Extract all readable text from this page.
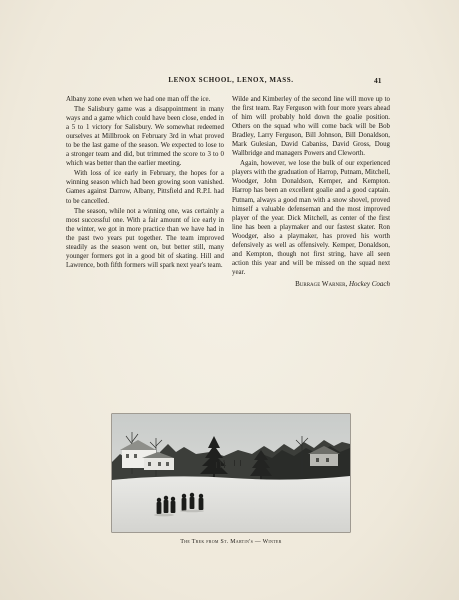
LENOX SCHOOL, LENOX, MASS.	41

Albany zone even when we had one man off the ice.

The Salisbury game was a disappointment in many ways and a game which could have been close, ended in a 5 to 1 victory for Salisbury. We somewhat redeemed ourselves at Millbrook on February 3rd in what proved to be the last game of the season. We expected to lose to a stronger team and did, but trimmed the score to 3 to 0 which was better than the earlier meeting.

With loss of ice early in February, the hopes for a winning season which had been growing soon vanished. Games against Darrow, Albany, Pittsfield and R.P.I. had to be cancelled.

The season, while not a winning one, was certainly a most successful one. With a fair amount of ice early in the winter, we got in more practice than we have had in the past two years put together. The team improved steadily as the season went on, but better still, many younger formers got in a good bit of skating. Hill and Lawrence, both fifth formers will spark next year's team.

Wilde and Kimberley of the second line will move up to the first team. Ray Ferguson with four more years ahead of him will probably hold down the goalie position. Others on the squad who will come back will be Bob Bradley, Larry Ferguson, Bill Johnson, Bill Donaldson, Mark Gulesian, David Cabaniss, David Gross, Doug Wallbridge and managers Powers and Cleworth.

Again, however, we lose the bulk of our experienced players with the graduation of Harrop, Putnam, Mitchell, Woodger, John Donaldson, Kemper, and Kempton. Harrop has been an excellent goalie and a good captain. Putnam, always a good man with a snow shovel, proved himself a valuable defenseman and the most improved player of the year. Dick Mitchell, as center of the first line has been a playmaker and our fastest skater. Ron Woodger, also a playmaker, has proved his worth defensively as well as offensively. Kemper, Donaldson, and Kempton, though not first string, have all seen action this year and will be missed on the squad next year.

Burrage Warner, Hockey Coach
The Trek from St. Martin's — Winter
